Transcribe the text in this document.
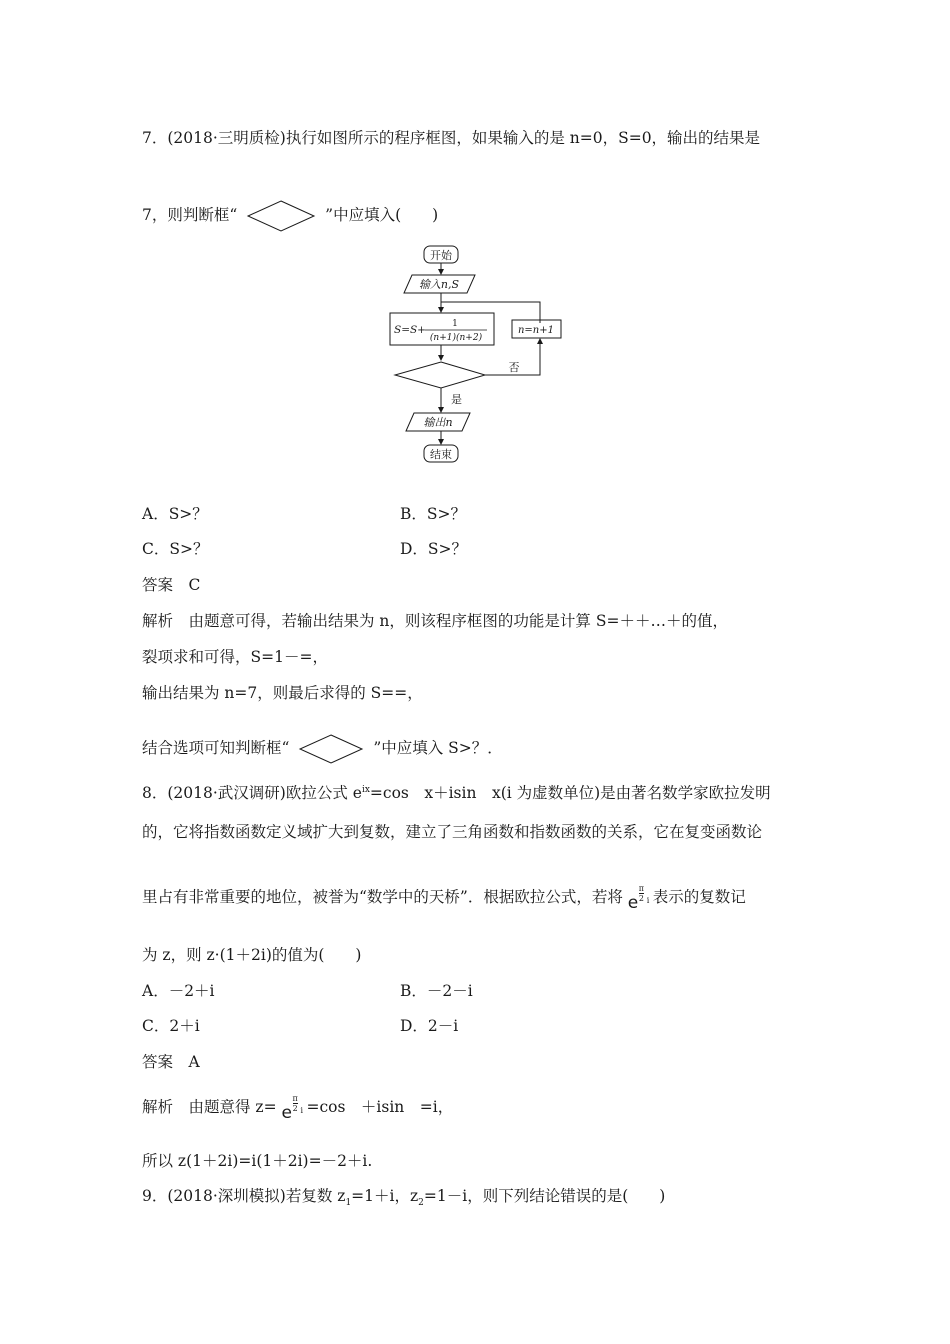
7．(2018·三明质检)执行如图所示的程序框图，如果输入的是 n=0，S=0，输出的结果是
7，则判断框“	”中应填入(　　)
开始
输入n,S
S=S+	1
(n+1)(n+2)
n=n+1
否
是
输出n
结束
A．S>？	B．S>？
C．S>？	D．S>？
答案　C
解析　由题意可得，若输出结果为 n，则该程序框图的功能是计算 S=＋＋…＋的值，
裂项求和可得，S=1－=，
输出结果为 n=7，则最后求得的 S==，
结合选项可知判断框“	”中应填入 S>？．
8．(2018·武汉调研)欧拉公式 $e^{ix}=\cos$　x＋isin　x(i 为虚数单位)是由著名数学家欧拉发明
的，它将指数函数定义域扩大到复数，建立了三角函数和指数函数的关系，它在复变函数论
里占有非常重要的地位，被誉为“数学中的天桥”．根据欧拉公式，若将 e $\frac{\pi}{2}$ i 表示的复数记
为 z，则 z·(1＋2i)的值为(　　)
A．－2＋i	B．－2－i
C．2＋i	D．2－i
答案　A
解析　由题意得 z= e $\frac{\pi}{2}$ i =cos　＋isin　=i，
所以 z(1＋2i)=i(1＋2i)=－2＋i.
9．(2018·深圳模拟)若复数 $z_1=1+i$，$z_2=1-i$，则下列结论错误的是(　　)
